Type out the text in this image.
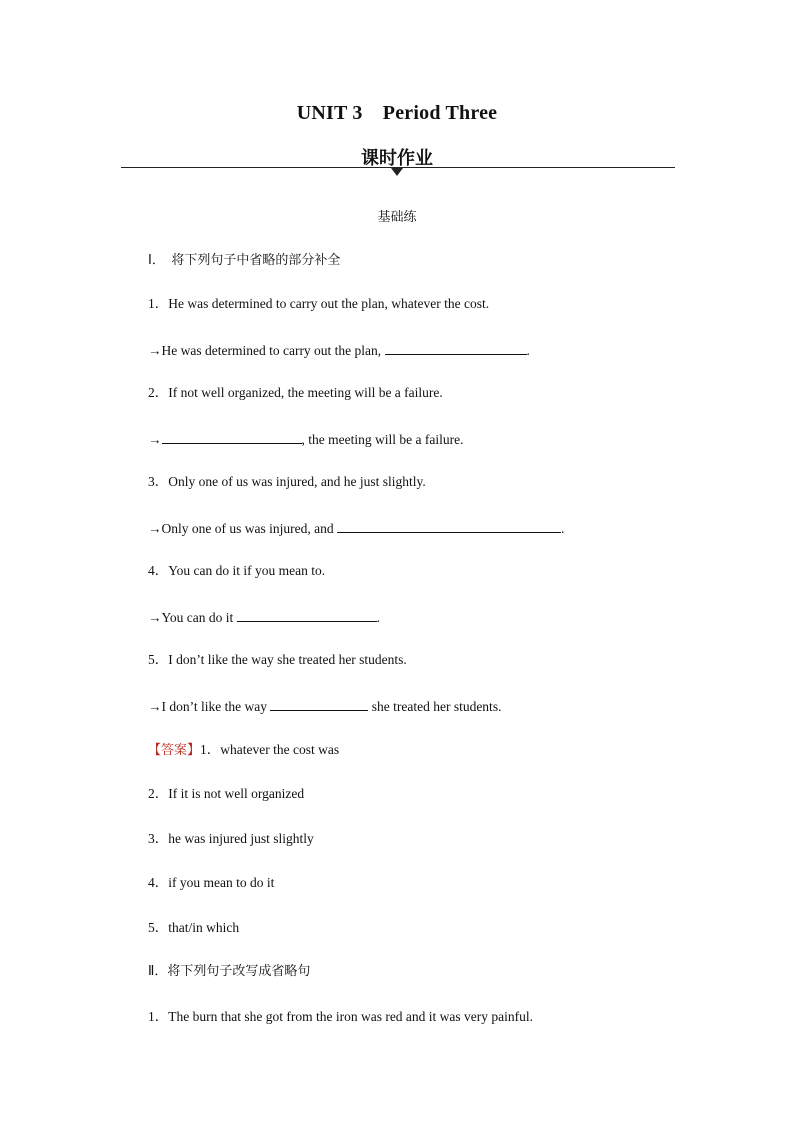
UNIT 3　Period Three
课时作业
基础练
Ⅰ．　将下列句子中省略的部分补全
1．He was determined to carry out the plan, whatever the cost.
→He was determined to carry out the plan,	.
2．If not well organized, the meeting will be a failure.
→	, the meeting will be a failure.
3．Only one of us was injured, and he just slightly.
→Only one of us was injured, and	.
4．You can do it if you mean to.
→You can do it	.
5．I don’t like the way she treated her students.
→I don’t like the way	she treated her students.
【答案】1．whatever the cost was
2．If it is not well organized
3．he was injured just slightly
4．if you mean to do it
5．that/in which
Ⅱ．将下列句子改写成省略句
1．The burn that she got from the iron was red and it was very painful.
